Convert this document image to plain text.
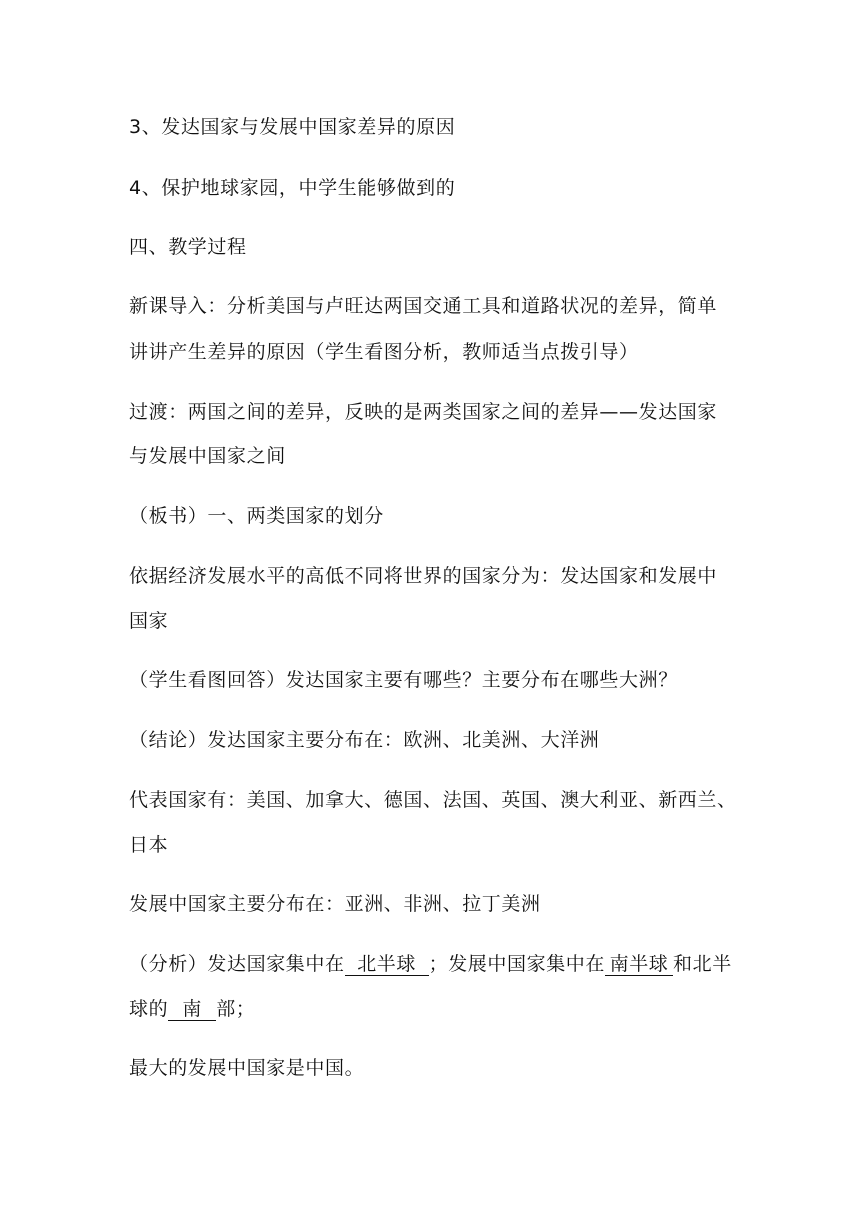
3、发达国家与发展中国家差异的原因
4、保护地球家园，中学生能够做到的
四、教学过程
新课导入：分析美国与卢旺达两国交通工具和道路状况的差异，简单
讲讲产生差异的原因（学生看图分析，教师适当点拨引导）
过渡：两国之间的差异，反映的是两类国家之间的差异——发达国家
与发展中国家之间
（板书）一、两类国家的划分
依据经济发展水平的高低不同将世界的国家分为：发达国家和发展中
国家
（学生看图回答）发达国家主要有哪些？主要分布在哪些大洲？
（结论）发达国家主要分布在：欧洲、北美洲、大洋洲
代表国家有：美国、加拿大、德国、法国、英国、澳大利亚、新西兰、
日本
发展中国家主要分布在：亚洲、非洲、拉丁美洲
（分析）发达国家集中在 北半球 ；发展中国家集中在 南半球 和北半
球的 南 部；
最大的发展中国家是中国。
